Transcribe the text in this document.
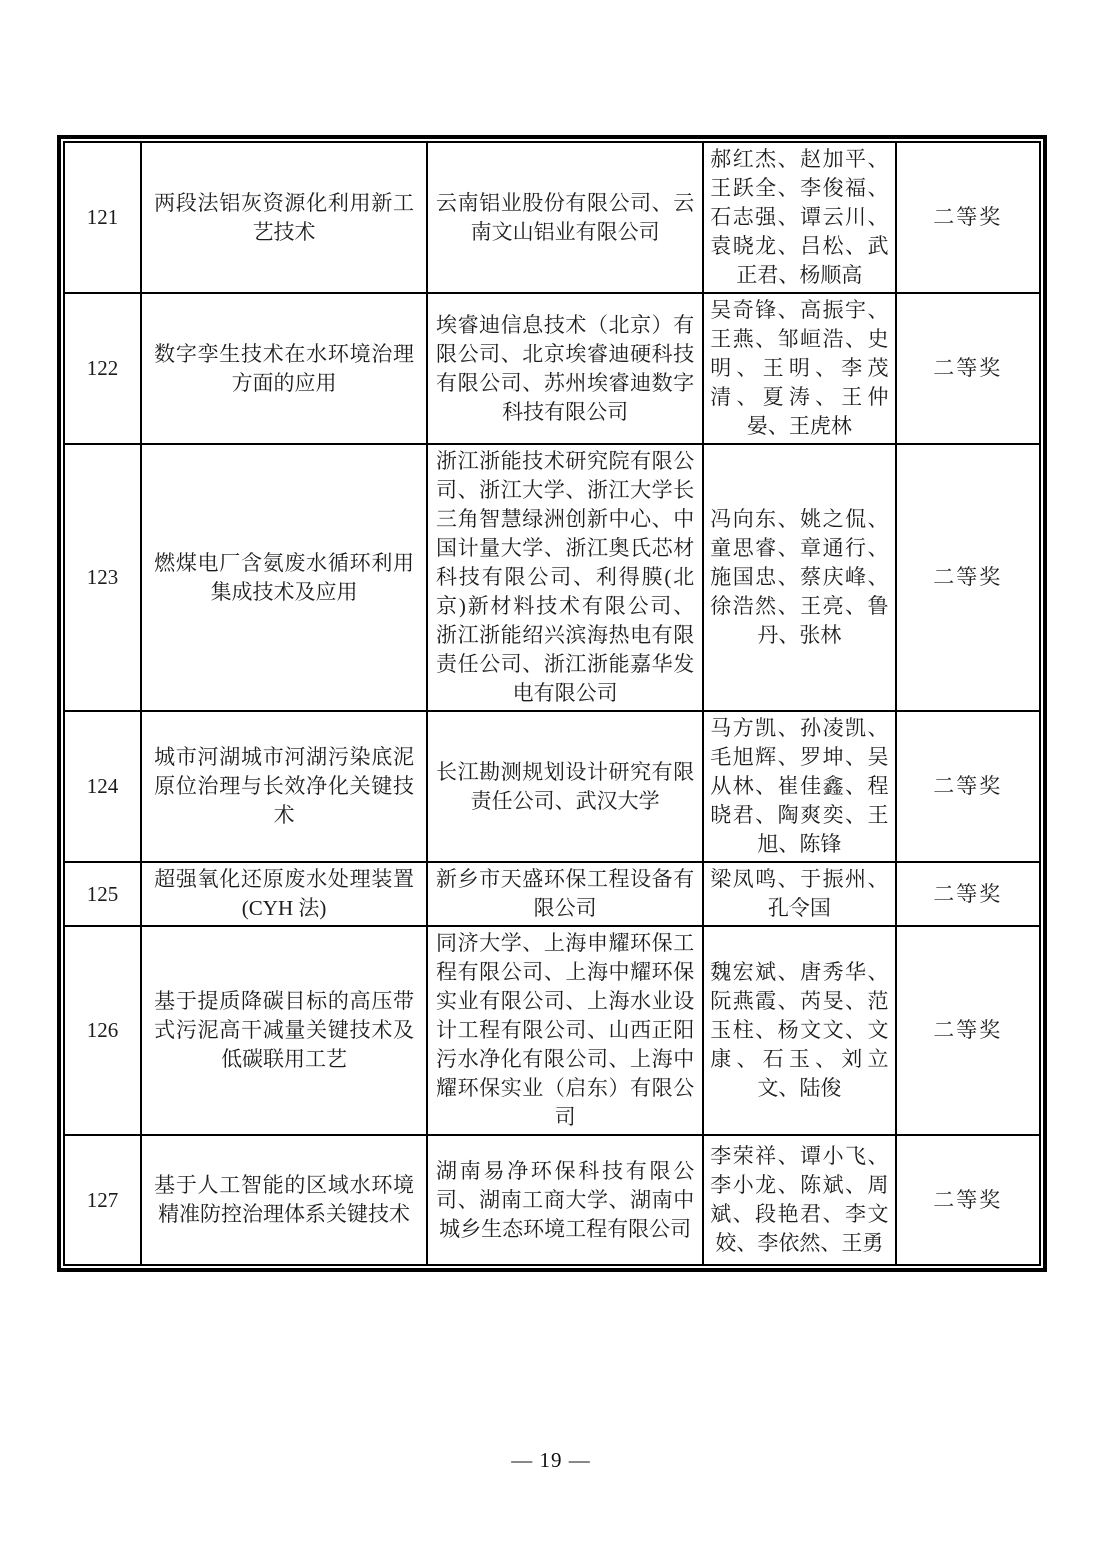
121	两段法铝灰资源化利用新工艺技术	云南铝业股份有限公司、云南文山铝业有限公司	郝红杰、赵加平、王跃全、李俊福、石志强、谭云川、袁晓龙、吕松、武正君、杨顺高	二等奖
122	数字孪生技术在水环境治理方面的应用	埃睿迪信息技术（北京）有限公司、北京埃睿迪硬科技有限公司、苏州埃睿迪数字科技有限公司	吴奇锋、高振宇、王燕、邹峘浩、史明、王明、李茂清、夏涛、王仲晏、王虎林	二等奖
123	燃煤电厂含氨废水循环利用集成技术及应用	浙江浙能技术研究院有限公司、浙江大学、浙江大学长三角智慧绿洲创新中心、中国计量大学、浙江奥氏芯材科技有限公司、利得膜(北京)新材料技术有限公司、浙江浙能绍兴滨海热电有限责任公司、浙江浙能嘉华发电有限公司	冯向东、姚之侃、童思睿、章通行、施国忠、蔡庆峰、徐浩然、王亮、鲁丹、张林	二等奖
124	城市河湖城市河湖污染底泥原位治理与长效净化关键技术	长江勘测规划设计研究有限责任公司、武汉大学	马方凯、孙凌凯、毛旭辉、罗坤、吴从林、崔佳鑫、程晓君、陶爽奕、王旭、陈锋	二等奖
125	超强氧化还原废水处理装置(CYH 法)	新乡市天盛环保工程设备有限公司	梁凤鸣、于振州、孔令国	二等奖
126	基于提质降碳目标的高压带式污泥高干减量关键技术及低碳联用工艺	同济大学、上海申耀环保工程有限公司、上海中耀环保实业有限公司、上海水业设计工程有限公司、山西正阳污水净化有限公司、上海中耀环保实业（启东）有限公司	魏宏斌、唐秀华、阮燕霞、芮旻、范玉柱、杨文文、文康、石玉、刘立文、陆俊	二等奖
127	基于人工智能的区域水环境精准防控治理体系关键技术	湖南易净环保科技有限公司、湖南工商大学、湖南中城乡生态环境工程有限公司	李荣祥、谭小飞、李小龙、陈斌、周斌、段艳君、李文姣、李依然、王勇	二等奖
— 19 —
